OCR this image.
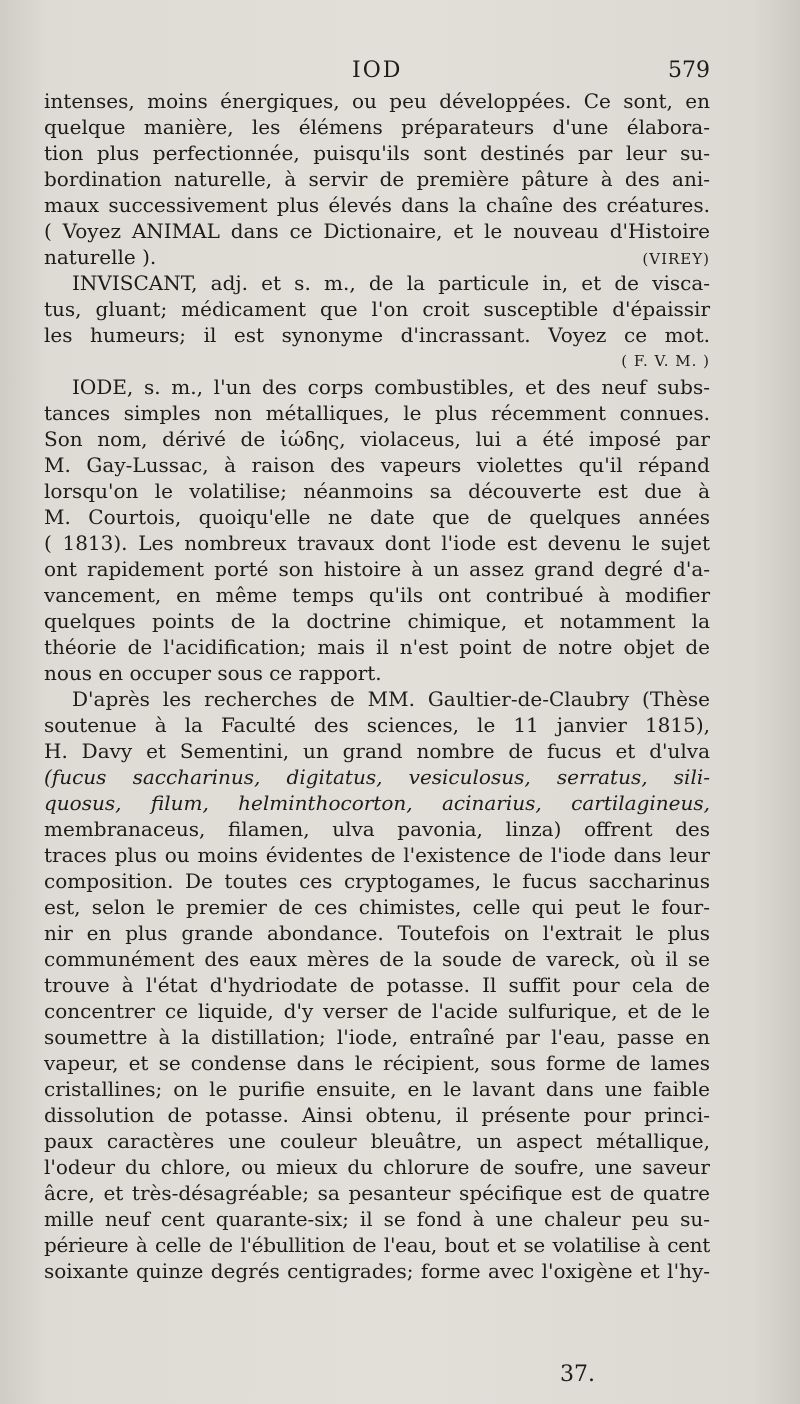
IOD	579
intenses, moins énergiques, ou peu développées. Ce sont, en
quelque manière, les élémens préparateurs d'une élabora-
tion plus perfectionnée, puisqu'ils sont destinés par leur su-
bordination naturelle, à servir de première pâture à des ani-
maux successivement plus élevés dans la chaîne des créatures.
( Voyez ANIMAL dans ce Dictionaire, et le nouveau d'Histoire
naturelle ).	(VIREY)
INVISCANT, adj. et s. m., de la particule in, et de visca-
tus, gluant; médicament que l'on croit susceptible d'épaissir
les humeurs; il est synonyme d'incrassant. Voyez ce mot.
( F. V. M. )
IODE, s. m., l'un des corps combustibles, et des neuf subs-
tances simples non métalliques, le plus récemment connues.
Son nom, dérivé de ἰώδης, violaceus, lui a été imposé par
M. Gay-Lussac, à raison des vapeurs violettes qu'il répand
lorsqu'on le volatilise; néanmoins sa découverte est due à
M. Courtois, quoiqu'elle ne date que de quelques années
( 1813). Les nombreux travaux dont l'iode est devenu le sujet
ont rapidement porté son histoire à un assez grand degré d'a-
vancement, en même temps qu'ils ont contribué à modifier
quelques points de la doctrine chimique, et notamment la
théorie de l'acidification; mais il n'est point de notre objet de
nous en occuper sous ce rapport.
D'après les recherches de MM. Gaultier-de-Claubry (Thèse
soutenue à la Faculté des sciences, le 11 janvier 1815),
H. Davy et Sementini, un grand nombre de fucus et d'ulva
(fucus saccharinus, digitatus, vesiculosus, serratus, sili-
quosus, filum, helminthocorton, acinarius, cartilagineus,
membranaceus, filamen, ulva pavonia, linza) offrent des
traces plus ou moins évidentes de l'existence de l'iode dans leur
composition. De toutes ces cryptogames, le fucus saccharinus
est, selon le premier de ces chimistes, celle qui peut le four-
nir en plus grande abondance. Toutefois on l'extrait le plus
communément des eaux mères de la soude de vareck, où il se
trouve à l'état d'hydriodate de potasse. Il suffit pour cela de
concentrer ce liquide, d'y verser de l'acide sulfurique, et de le
soumettre à la distillation; l'iode, entraîné par l'eau, passe en
vapeur, et se condense dans le récipient, sous forme de lames
cristallines; on le purifie ensuite, en le lavant dans une faible
dissolution de potasse. Ainsi obtenu, il présente pour princi-
paux caractères une couleur bleuâtre, un aspect métallique,
l'odeur du chlore, ou mieux du chlorure de soufre, une saveur
âcre, et très-désagréable; sa pesanteur spécifique est de quatre
mille neuf cent quarante-six; il se fond à une chaleur peu su-
périeure à celle de l'ébullition de l'eau, bout et se volatilise à cent
soixante quinze degrés centigrades; forme avec l'oxigène et l'hy-
37.
